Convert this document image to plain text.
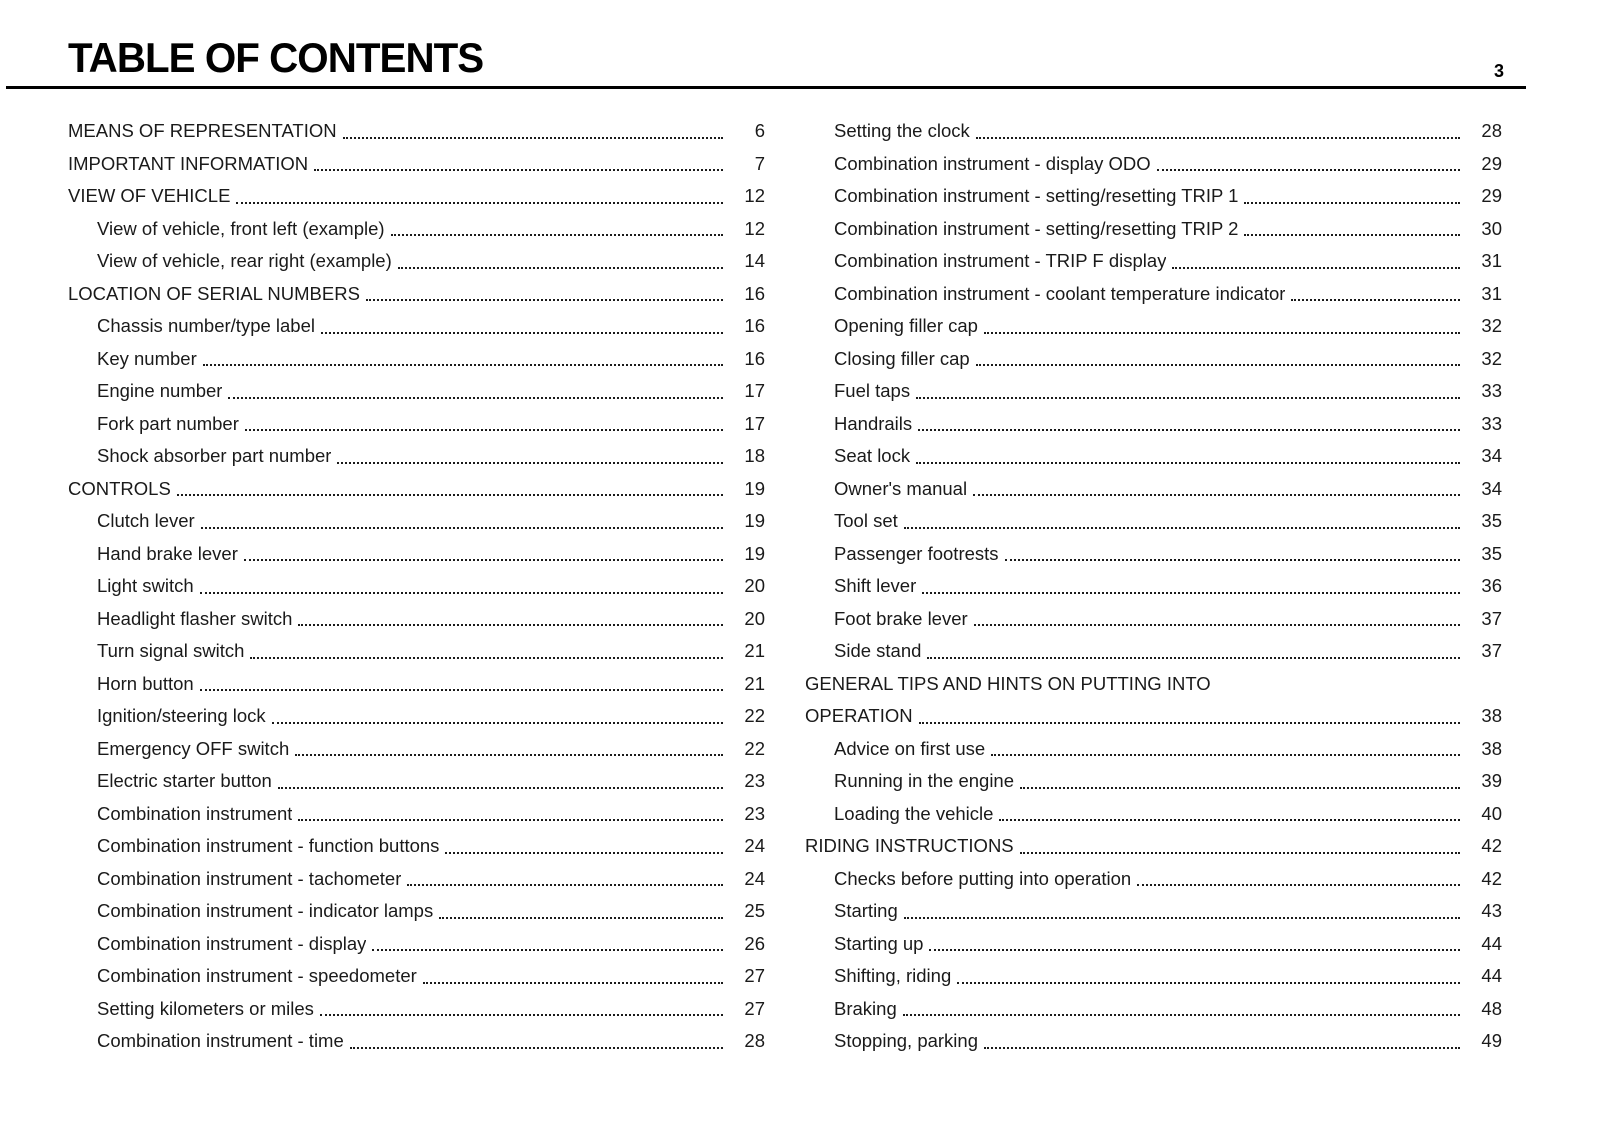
TABLE OF CONTENTS	3
MEANS OF REPRESENTATION	6
IMPORTANT INFORMATION	7
VIEW OF VEHICLE	12
View of vehicle, front left (example)	12
View of vehicle, rear right (example)	14
LOCATION OF SERIAL NUMBERS	16
Chassis number/type label	16
Key number	16
Engine number	17
Fork part number	17
Shock absorber part number	18
CONTROLS	19
Clutch lever	19
Hand brake lever	19
Light switch	20
Headlight flasher switch	20
Turn signal switch	21
Horn button	21
Ignition/steering lock	22
Emergency OFF switch	22
Electric starter button	23
Combination instrument	23
Combination instrument - function buttons	24
Combination instrument - tachometer	24
Combination instrument - indicator lamps	25
Combination instrument - display	26
Combination instrument - speedometer	27
Setting kilometers or miles	27
Combination instrument - time	28
Setting the clock	28
Combination instrument - display ODO	29
Combination instrument - setting/resetting TRIP 1	29
Combination instrument - setting/resetting TRIP 2	30
Combination instrument - TRIP F display	31
Combination instrument - coolant temperature indicator	31
Opening filler cap	32
Closing filler cap	32
Fuel taps	33
Handrails	33
Seat lock	34
Owner's manual	34
Tool set	35
Passenger footrests	35
Shift lever	36
Foot brake lever	37
Side stand	37
GENERAL TIPS AND HINTS ON PUTTING INTO
OPERATION	38
Advice on first use	38
Running in the engine	39
Loading the vehicle	40
RIDING INSTRUCTIONS	42
Checks before putting into operation	42
Starting	43
Starting up	44
Shifting, riding	44
Braking	48
Stopping, parking	49
